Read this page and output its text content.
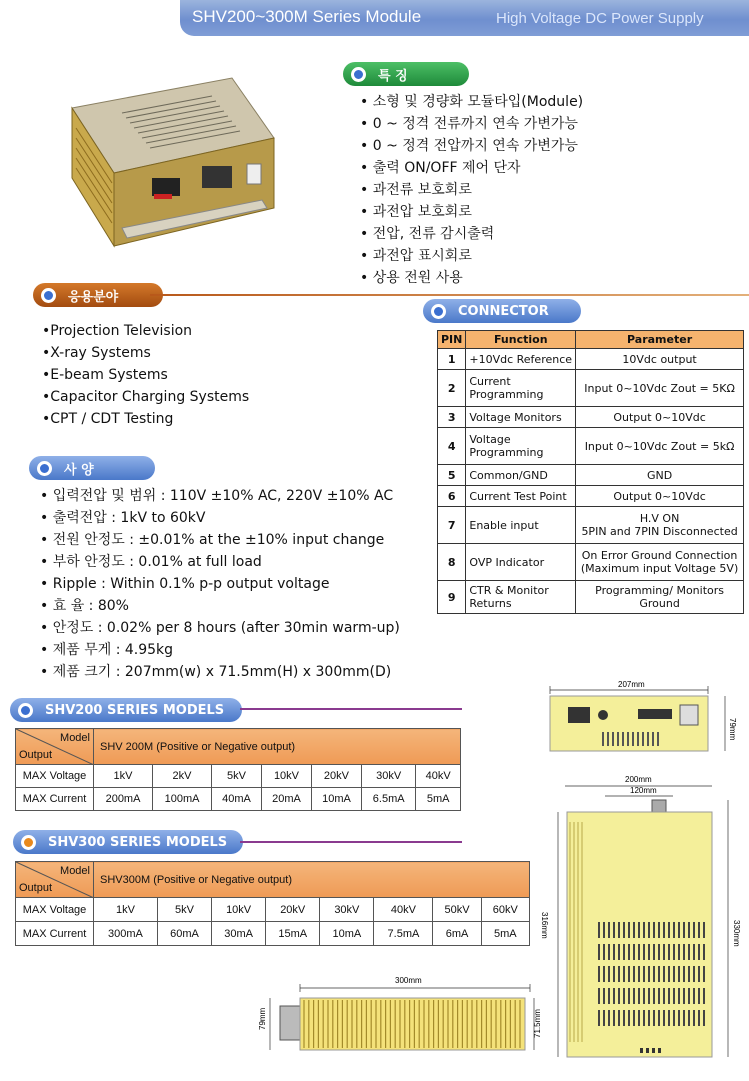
SHV200~300M Series Module	High Voltage DC Power Supply
특 징
• 소형 및 경량화 모듈타입(Module)
• 0 ~ 정격 전류까지 연속 가변가능
• 0 ~ 정격 전압까지 연속 가변가능
• 출력 ON/OFF 제어 단자
• 과전류 보호회로
• 과전압 보호회로
• 전압, 전류 감시출력
• 과전압 표시회로
• 상용 전원 사용
응용분야
•Projection Television
•X-ray Systems
•E-beam Systems
•Capacitor Charging Systems
•CPT / CDT Testing
사 양
• 입력전압 및 범위 : 110V ±10% AC, 220V ±10% AC
• 출력전압 : 1kV to 60kV
• 전원 안정도 : ±0.01% at the ±10% input change
• 부하 안정도 : 0.01% at full load
• Ripple : Within 0.1% p-p output voltage
• 효 율 : 80%
• 안정도 : 0.02% per 8 hours (after 30min warm-up)
• 제품 무게 : 4.95kg
• 제품 크기 : 207mm(w) x 71.5mm(H) x 300mm(D)
CONNECTOR
PIN	Function	Parameter
1	+10Vdc Reference	10Vdc output
2	Current Programming	Input 0~10Vdc Zout = 5KΩ
3	Voltage Monitors	Output 0~10Vdc
4	Voltage Programming	Input 0~10Vdc Zout = 5kΩ
5	Common/GND	GND
6	Current Test Point	Output 0~10Vdc
7	Enable input	H.V ON
5PIN and 7PIN Disconnected
8	OVP Indicator	On Error Ground Connection (Maximum input Voltage 5V)
9	CTR & Monitor Returns	Programming/ Monitors Ground
SHV200 SERIES MODELS
Model
Output	SHV 200M (Positive or Negative output)						
MAX Voltage	1kV	2kV	5kV	10kV	20kV	30kV	40kV
MAX Current	200mA	100mA	40mA	20mA	10mA	6.5mA	5mA
SHV300 SERIES MODELS
Model
Output	SHV300M (Positive or Negative output)							
MAX Voltage	1kV	5kV	10kV	20kV	30kV	40kV	50kV	60kV
MAX Current	300mA	60mA	30mA	15mA	10mA	7.5mA	6mA	5mA
207mm
79mm
200mm
120mm
316mm	330mm
300mm
79mm	71.5mm
